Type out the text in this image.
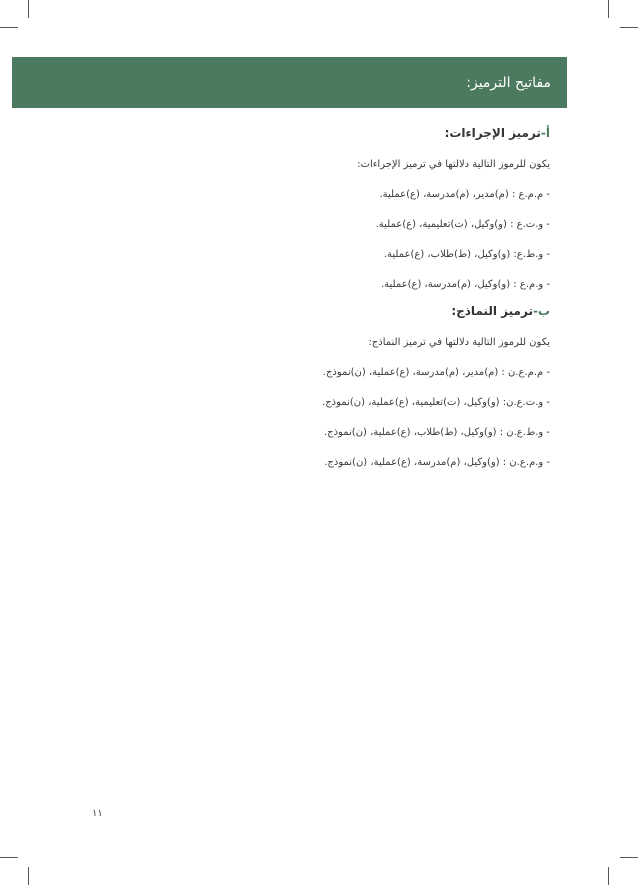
مفاتيح الترميز:
أ-ترميز الإجراءات:
يكون للرموز التالية دلالتها في ترميز الإجراءات:
- م.م.ع : (م)مدير، (م)مدرسة، (ع)عملية.
- و.ت.ع : (و)وكيل، (ت)تعليمية، (ع)عملية.
- و.ط.ع: (و)وكيل، (ط)طلاب، (ع)عملية.
- و.م.ع : (و)وكيل، (م)مدرسة، (ع)عملية.
ب-ترميز النماذج:
يكون للرموز التالية دلالتها في ترميز النماذج:
- م.م.ع.ن : (م)مدير، (م)مدرسة، (ع)عملية، (ن)نموذج.
- و.ت.ع.ن: (و)وكيل، (ت)تعليمية، (ع)عملية، (ن)نموذج.
- و.ط.ع.ن : (و)وكيل، (ط)طلاب، (ع)عملية، (ن)نموذج.
- و.م.ع.ن : (و)وكيل، (م)مدرسة، (ع)عملية، (ن)نموذج.
١١
